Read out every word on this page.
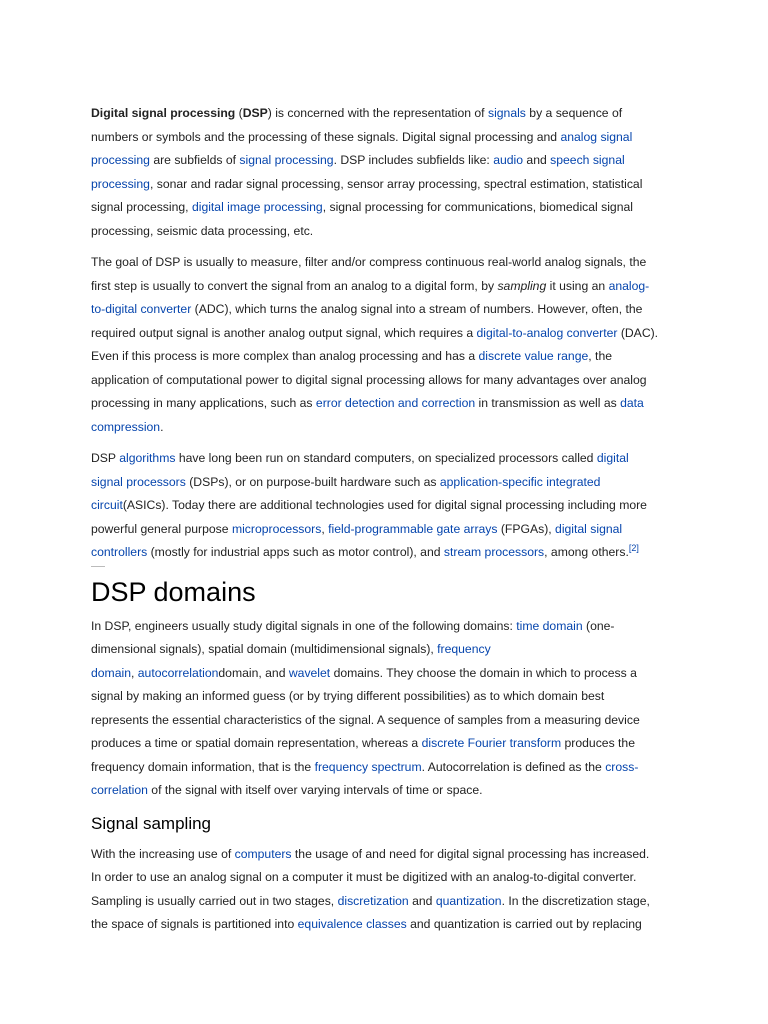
Digital signal processing (DSP) is concerned with the representation of signals by a sequence of
numbers or symbols and the processing of these signals. Digital signal processing and analog signal
processing are subfields of signal processing. DSP includes subfields like: audio and speech signal
processing, sonar and radar signal processing, sensor array processing, spectral estimation, statistical
signal processing, digital image processing, signal processing for communications, biomedical signal
processing, seismic data processing, etc.

The goal of DSP is usually to measure, filter and/or compress continuous real-world analog signals, the
first step is usually to convert the signal from an analog to a digital form, by sampling it using an analog-
to-digital converter (ADC), which turns the analog signal into a stream of numbers. However, often, the
required output signal is another analog output signal, which requires a digital-to-analog converter (DAC).
Even if this process is more complex than analog processing and has a discrete value range, the
application of computational power to digital signal processing allows for many advantages over analog
processing in many applications, such as error detection and correction in transmission as well as data
compression.

DSP algorithms have long been run on standard computers, on specialized processors called digital
signal processors (DSPs), or on purpose-built hardware such as application-specific integrated
circuit(ASICs). Today there are additional technologies used for digital signal processing including more
powerful general purpose microprocessors, field-programmable gate arrays (FPGAs), digital signal
controllers (mostly for industrial apps such as motor control), and stream processors, among others.[2]

DSP domains

In DSP, engineers usually study digital signals in one of the following domains: time domain (one-
dimensional signals), spatial domain (multidimensional signals), frequency
domain, autocorrelationdomain, and wavelet domains. They choose the domain in which to process a
signal by making an informed guess (or by trying different possibilities) as to which domain best
represents the essential characteristics of the signal. A sequence of samples from a measuring device
produces a time or spatial domain representation, whereas a discrete Fourier transform produces the
frequency domain information, that is the frequency spectrum. Autocorrelation is defined as the cross-
correlation of the signal with itself over varying intervals of time or space.

Signal sampling

With the increasing use of computers the usage of and need for digital signal processing has increased.
In order to use an analog signal on a computer it must be digitized with an analog-to-digital converter.
Sampling is usually carried out in two stages, discretization and quantization. In the discretization stage,
the space of signals is partitioned into equivalence classes and quantization is carried out by replacing
